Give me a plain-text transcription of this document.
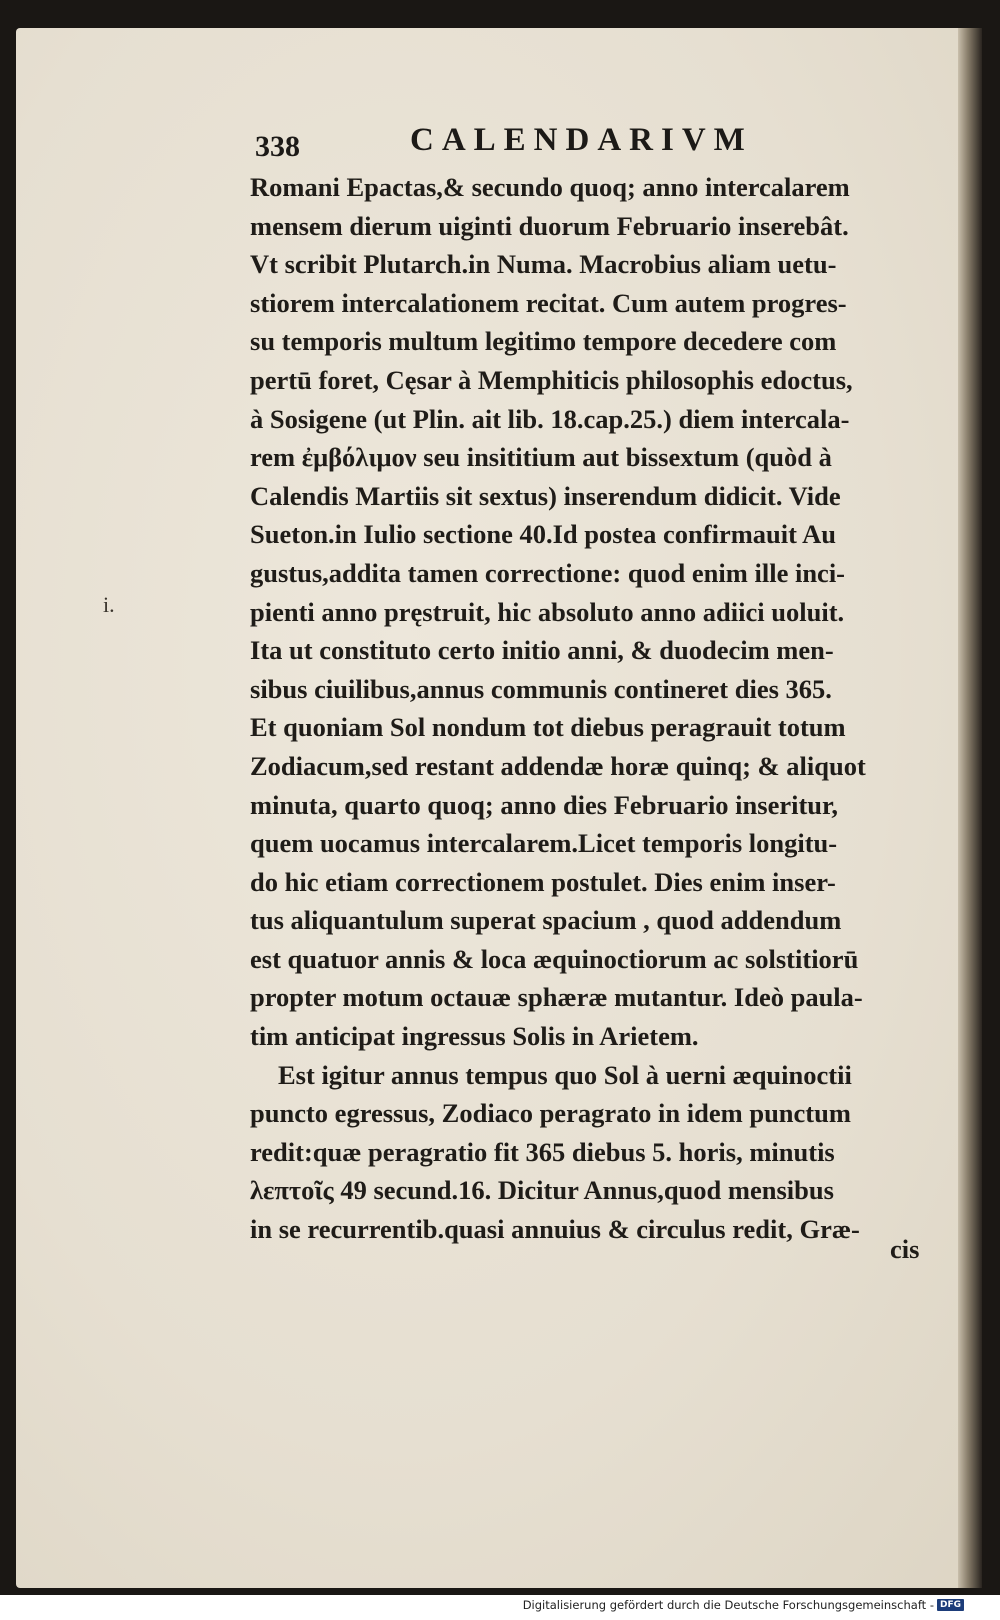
338	CALENDARIVM
i.
Romani Epactas,& secundo quoq; anno intercalarem
mensem dierum uiginti duorum Februario inserebât.
Vt scribit Plutarch.in Numa. Macrobius aliam uetu-
stiorem intercalationem recitat. Cum autem progres-
su temporis multum legitimo tempore decedere com
pertū foret, Cęsar à Memphiticis philosophis edoctus,
à Sosigene (ut Plin. ait lib. 18.cap.25.) diem intercala-
rem ἐμβόλιμον seu insititium aut bissextum (quòd à
Calendis Martiis sit sextus) inserendum didicit. Vide
Sueton.in Iulio sectione 40.Id postea confirmauit Au
gustus,addita tamen correctione: quod enim ille inci-
pienti anno pręstruit, hic absoluto anno adiici uoluit.
Ita ut constituto certo initio anni, & duodecim men-
sibus ciuilibus,annus communis contineret dies 365.
Et quoniam Sol nondum tot diebus peragrauit totum
Zodiacum,sed restant addendæ horæ quinq; & aliquot
minuta, quarto quoq; anno dies Februario inseritur,
quem uocamus intercalarem.Licet temporis longitu-
do hic etiam correctionem postulet. Dies enim inser-
tus aliquantulum superat spacium , quod addendum
est quatuor annis & loca æquinoctiorum ac solstitiorū
propter motum octauæ sphæræ mutantur. Ideò paula-
tim anticipat ingressus Solis in Arietem.
Est igitur annus tempus quo Sol à uerni æquinoctii
puncto egressus, Zodiaco peragrato in idem punctum
redit:quæ peragratio fit 365 diebus 5. horis, minutis
λεπτοῖς 49 secund.16. Dicitur Annus,quod mensibus
in se recurrentib.quasi annuius & circulus redit, Græ-
cis
Digitalisierung gefördert durch die Deutsche Forschungsgemeinschaft - DFG
